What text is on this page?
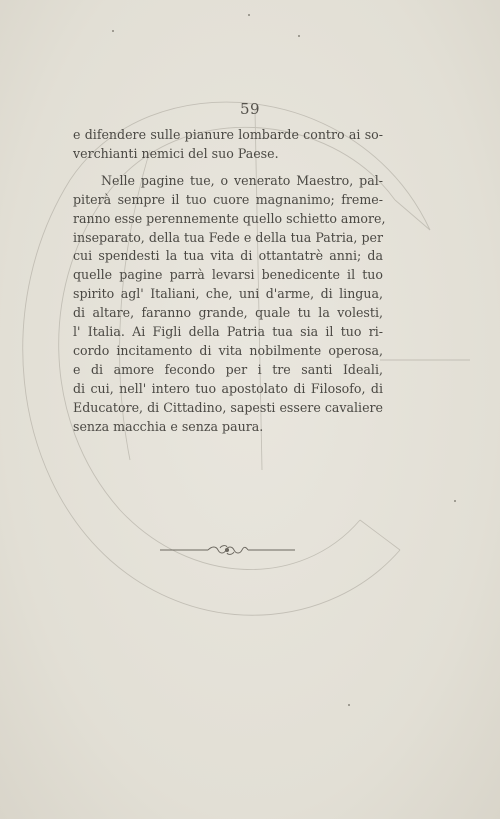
59
e difendere sulle pianure lombarde contro ai so-
verchianti nemici del suo Paese.
Nelle pagine tue, o venerato Maestro, pal-
piterà sempre il tuo cuore magnanimo; freme-
ranno esse perennemente quello schietto amore,
inseparato, della tua Fede e della tua Patria, per
cui spendesti la tua vita di ottantatrè anni; da
quelle pagine parrà levarsi benedicente il tuo
spirito agl' Italiani, che, uni d'arme, di lingua,
di altare, faranno grande, quale tu la volesti,
l' Italia. Ai Figli della Patria tua sia il tuo ri-
cordo incitamento di vita nobilmente operosa,
e di amore fecondo per i tre santi Ideali,
di cui, nell' intero tuo apostolato di Filosofo, di
Educatore, di Cittadino, sapesti essere cavaliere
senza macchia e senza paura.
